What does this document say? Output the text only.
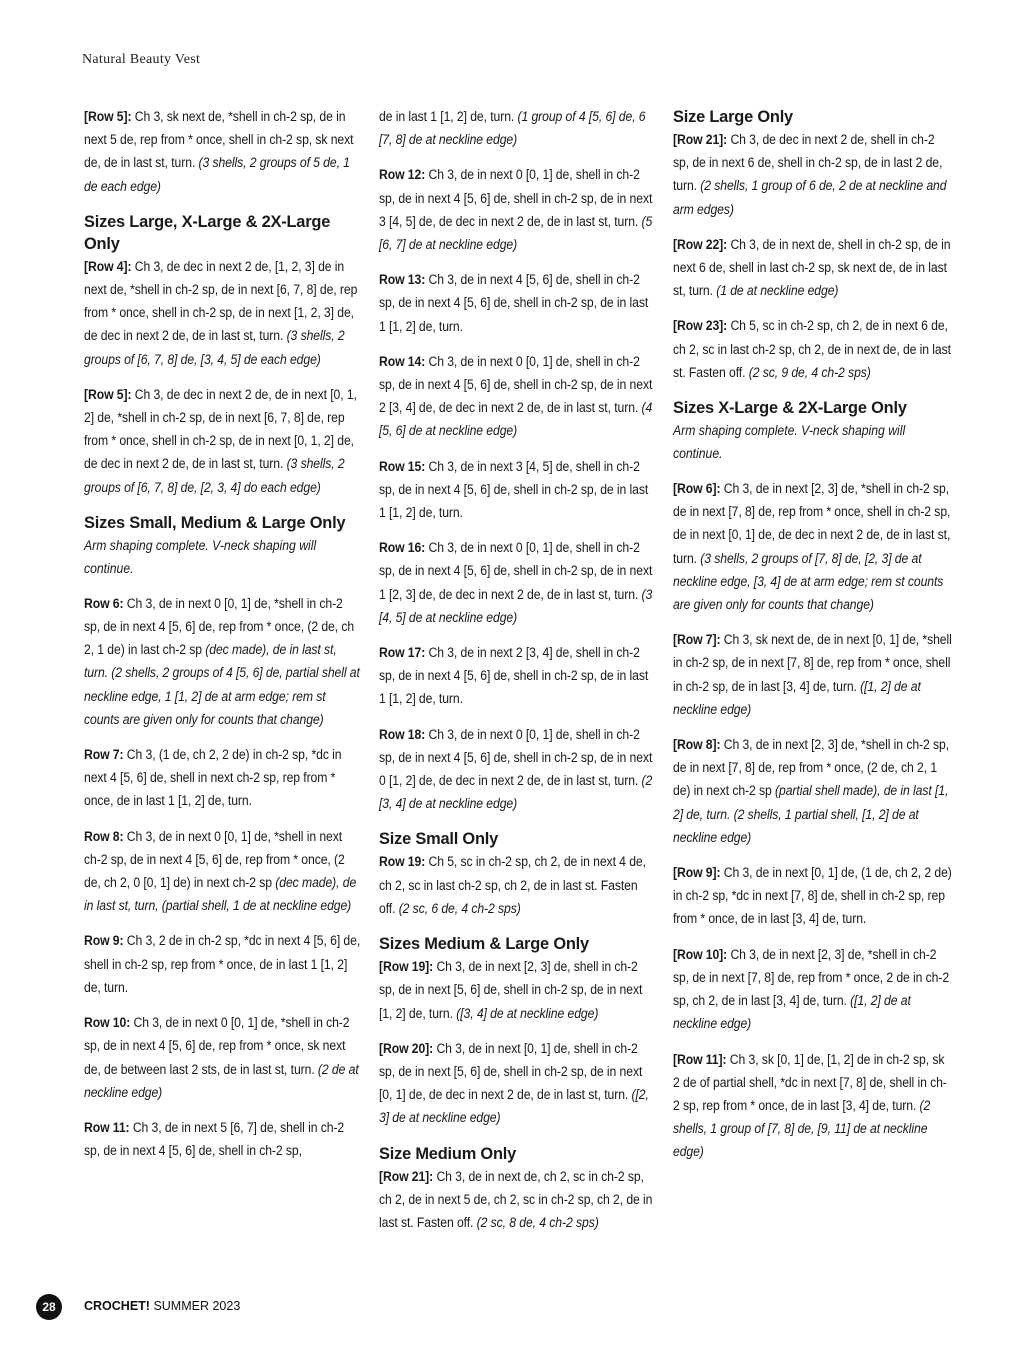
Natural Beauty Vest
[Row 5]: Ch 3, sk next de, *shell in ch-2 sp, de in next 5 de, rep from * once, shell in ch-2 sp, sk next de, de in last st, turn. (3 shells, 2 groups of 5 de, 1 de each edge)
Sizes Large, X-Large & 2X-Large Only
[Row 4]: Ch 3, de dec in next 2 de, [1, 2, 3] de in next de, *shell in ch-2 sp, de in next [6, 7, 8] de, rep from * once, shell in ch-2 sp, de in next [1, 2, 3] de, de dec in next 2 de, de in last st, turn. (3 shells, 2 groups of [6, 7, 8] de, [3, 4, 5] de each edge)
[Row 5]: Ch 3, de dec in next 2 de, de in next [0, 1, 2] de, *shell in ch-2 sp, de in next [6, 7, 8] de, rep from * once, shell in ch-2 sp, de in next [0, 1, 2] de, de dec in next 2 de, de in last st, turn. (3 shells, 2 groups of [6, 7, 8] de, [2, 3, 4] do each edge)
Sizes Small, Medium & Large Only
Arm shaping complete. V-neck shaping will continue.
Row 6: Ch 3, de in next 0 [0, 1] de, *shell in ch-2 sp, de in next 4 [5, 6] de, rep from * once, (2 de, ch 2, 1 de) in last ch-2 sp (dec made), de in last st, turn. (2 shells, 2 groups of 4 [5, 6] de, partial shell at neckline edge, 1 [1, 2] de at arm edge; rem st counts are given only for counts that change)
Row 7: Ch 3, (1 de, ch 2, 2 de) in ch-2 sp, *dc in next 4 [5, 6] de, shell in next ch-2 sp, rep from * once, de in last 1 [1, 2] de, turn.
Row 8: Ch 3, de in next 0 [0, 1] de, *shell in next ch-2 sp, de in next 4 [5, 6] de, rep from * once, (2 de, ch 2, 0 [0, 1] de) in next ch-2 sp (dec made), de in last st, turn, (partial shell, 1 de at neckline edge)
Row 9: Ch 3, 2 de in ch-2 sp, *dc in next 4 [5, 6] de, shell in ch-2 sp, rep from * once, de in last 1 [1, 2] de, turn.
Row 10: Ch 3, de in next 0 [0, 1] de, *shell in ch-2 sp, de in next 4 [5, 6] de, rep from * once, sk next de, de between last 2 sts, de in last st, turn. (2 de at neckline edge)
Row 11: Ch 3, de in next 5 [6, 7] de, shell in ch-2 sp, de in next 4 [5, 6] de, shell in ch-2 sp,
de in last 1 [1, 2] de, turn. (1 group of 4 [5, 6] de, 6 [7, 8] de at neckline edge)
Row 12: Ch 3, de in next 0 [0, 1] de, shell in ch-2 sp, de in next 4 [5, 6] de, shell in ch-2 sp, de in next 3 [4, 5] de, de dec in next 2 de, de in last st, turn. (5 [6, 7] de at neckline edge)
Row 13: Ch 3, de in next 4 [5, 6] de, shell in ch-2 sp, de in next 4 [5, 6] de, shell in ch-2 sp, de in last 1 [1, 2] de, turn.
Row 14: Ch 3, de in next 0 [0, 1] de, shell in ch-2 sp, de in next 4 [5, 6] de, shell in ch-2 sp, de in next 2 [3, 4] de, de dec in next 2 de, de in last st, turn. (4 [5, 6] de at neckline edge)
Row 15: Ch 3, de in next 3 [4, 5] de, shell in ch-2 sp, de in next 4 [5, 6] de, shell in ch-2 sp, de in last 1 [1, 2] de, turn.
Row 16: Ch 3, de in next 0 [0, 1] de, shell in ch-2 sp, de in next 4 [5, 6] de, shell in ch-2 sp, de in next 1 [2, 3] de, de dec in next 2 de, de in last st, turn. (3 [4, 5] de at neckline edge)
Row 17: Ch 3, de in next 2 [3, 4] de, shell in ch-2 sp, de in next 4 [5, 6] de, shell in ch-2 sp, de in last 1 [1, 2] de, turn.
Row 18: Ch 3, de in next 0 [0, 1] de, shell in ch-2 sp, de in next 4 [5, 6] de, shell in ch-2 sp, de in next 0 [1, 2] de, de dec in next 2 de, de in last st, turn. (2 [3, 4] de at neckline edge)
Size Small Only
Row 19: Ch 5, sc in ch-2 sp, ch 2, de in next 4 de, ch 2, sc in last ch-2 sp, ch 2, de in last st. Fasten off. (2 sc, 6 de, 4 ch-2 sps)
Sizes Medium & Large Only
[Row 19]: Ch 3, de in next [2, 3] de, shell in ch-2 sp, de in next [5, 6] de, shell in ch-2 sp, de in next [1, 2] de, turn. ([3, 4] de at neckline edge)
[Row 20]: Ch 3, de in next [0, 1] de, shell in ch-2 sp, de in next [5, 6] de, shell in ch-2 sp, de in next [0, 1] de, de dec in next 2 de, de in last st, turn. ([2, 3] de at neckline edge)
Size Medium Only
[Row 21]: Ch 3, de in next de, ch 2, sc in ch-2 sp, ch 2, de in next 5 de, ch 2, sc in ch-2 sp, ch 2, de in last st. Fasten off. (2 sc, 8 de, 4 ch-2 sps)
Size Large Only
[Row 21]: Ch 3, de dec in next 2 de, shell in ch-2 sp, de in next 6 de, shell in ch-2 sp, de in last 2 de, turn. (2 shells, 1 group of 6 de, 2 de at neckline and arm edges)
[Row 22]: Ch 3, de in next de, shell in ch-2 sp, de in next 6 de, shell in last ch-2 sp, sk next de, de in last st, turn. (1 de at neckline edge)
[Row 23]: Ch 5, sc in ch-2 sp, ch 2, de in next 6 de, ch 2, sc in last ch-2 sp, ch 2, de in next de, de in last st. Fasten off. (2 sc, 9 de, 4 ch-2 sps)
Sizes X-Large & 2X-Large Only
Arm shaping complete. V-neck shaping will continue.
[Row 6]: Ch 3, de in next [2, 3] de, *shell in ch-2 sp, de in next [7, 8] de, rep from * once, shell in ch-2 sp, de in next [0, 1] de, de dec in next 2 de, de in last st, turn. (3 shells, 2 groups of [7, 8] de, [2, 3] de at neckline edge, [3, 4] de at arm edge; rem st counts are given only for counts that change)
[Row 7]: Ch 3, sk next de, de in next [0, 1] de, *shell in ch-2 sp, de in next [7, 8] de, rep from * once, shell in ch-2 sp, de in last [3, 4] de, turn. ([1, 2] de at neckline edge)
[Row 8]: Ch 3, de in next [2, 3] de, *shell in ch-2 sp, de in next [7, 8] de, rep from * once, (2 de, ch 2, 1 de) in next ch-2 sp (partial shell made), de in last [1, 2] de, turn. (2 shells, 1 partial shell, [1, 2] de at neckline edge)
[Row 9]: Ch 3, de in next [0, 1] de, (1 de, ch 2, 2 de) in ch-2 sp, *dc in next [7, 8] de, shell in ch-2 sp, rep from * once, de in last [3, 4] de, turn.
[Row 10]: Ch 3, de in next [2, 3] de, *shell in ch-2 sp, de in next [7, 8] de, rep from * once, 2 de in ch-2 sp, ch 2, de in last [3, 4] de, turn. ([1, 2] de at neckline edge)
[Row 11]: Ch 3, sk [0, 1] de, [1, 2] de in ch-2 sp, sk 2 de of partial shell, *dc in next [7, 8] de, shell in ch-2 sp, rep from * once, de in last [3, 4] de, turn. (2 shells, 1 group of [7, 8] de, [9, 11] de at neckline edge)
28	CROCHET! SUMMER 2023
